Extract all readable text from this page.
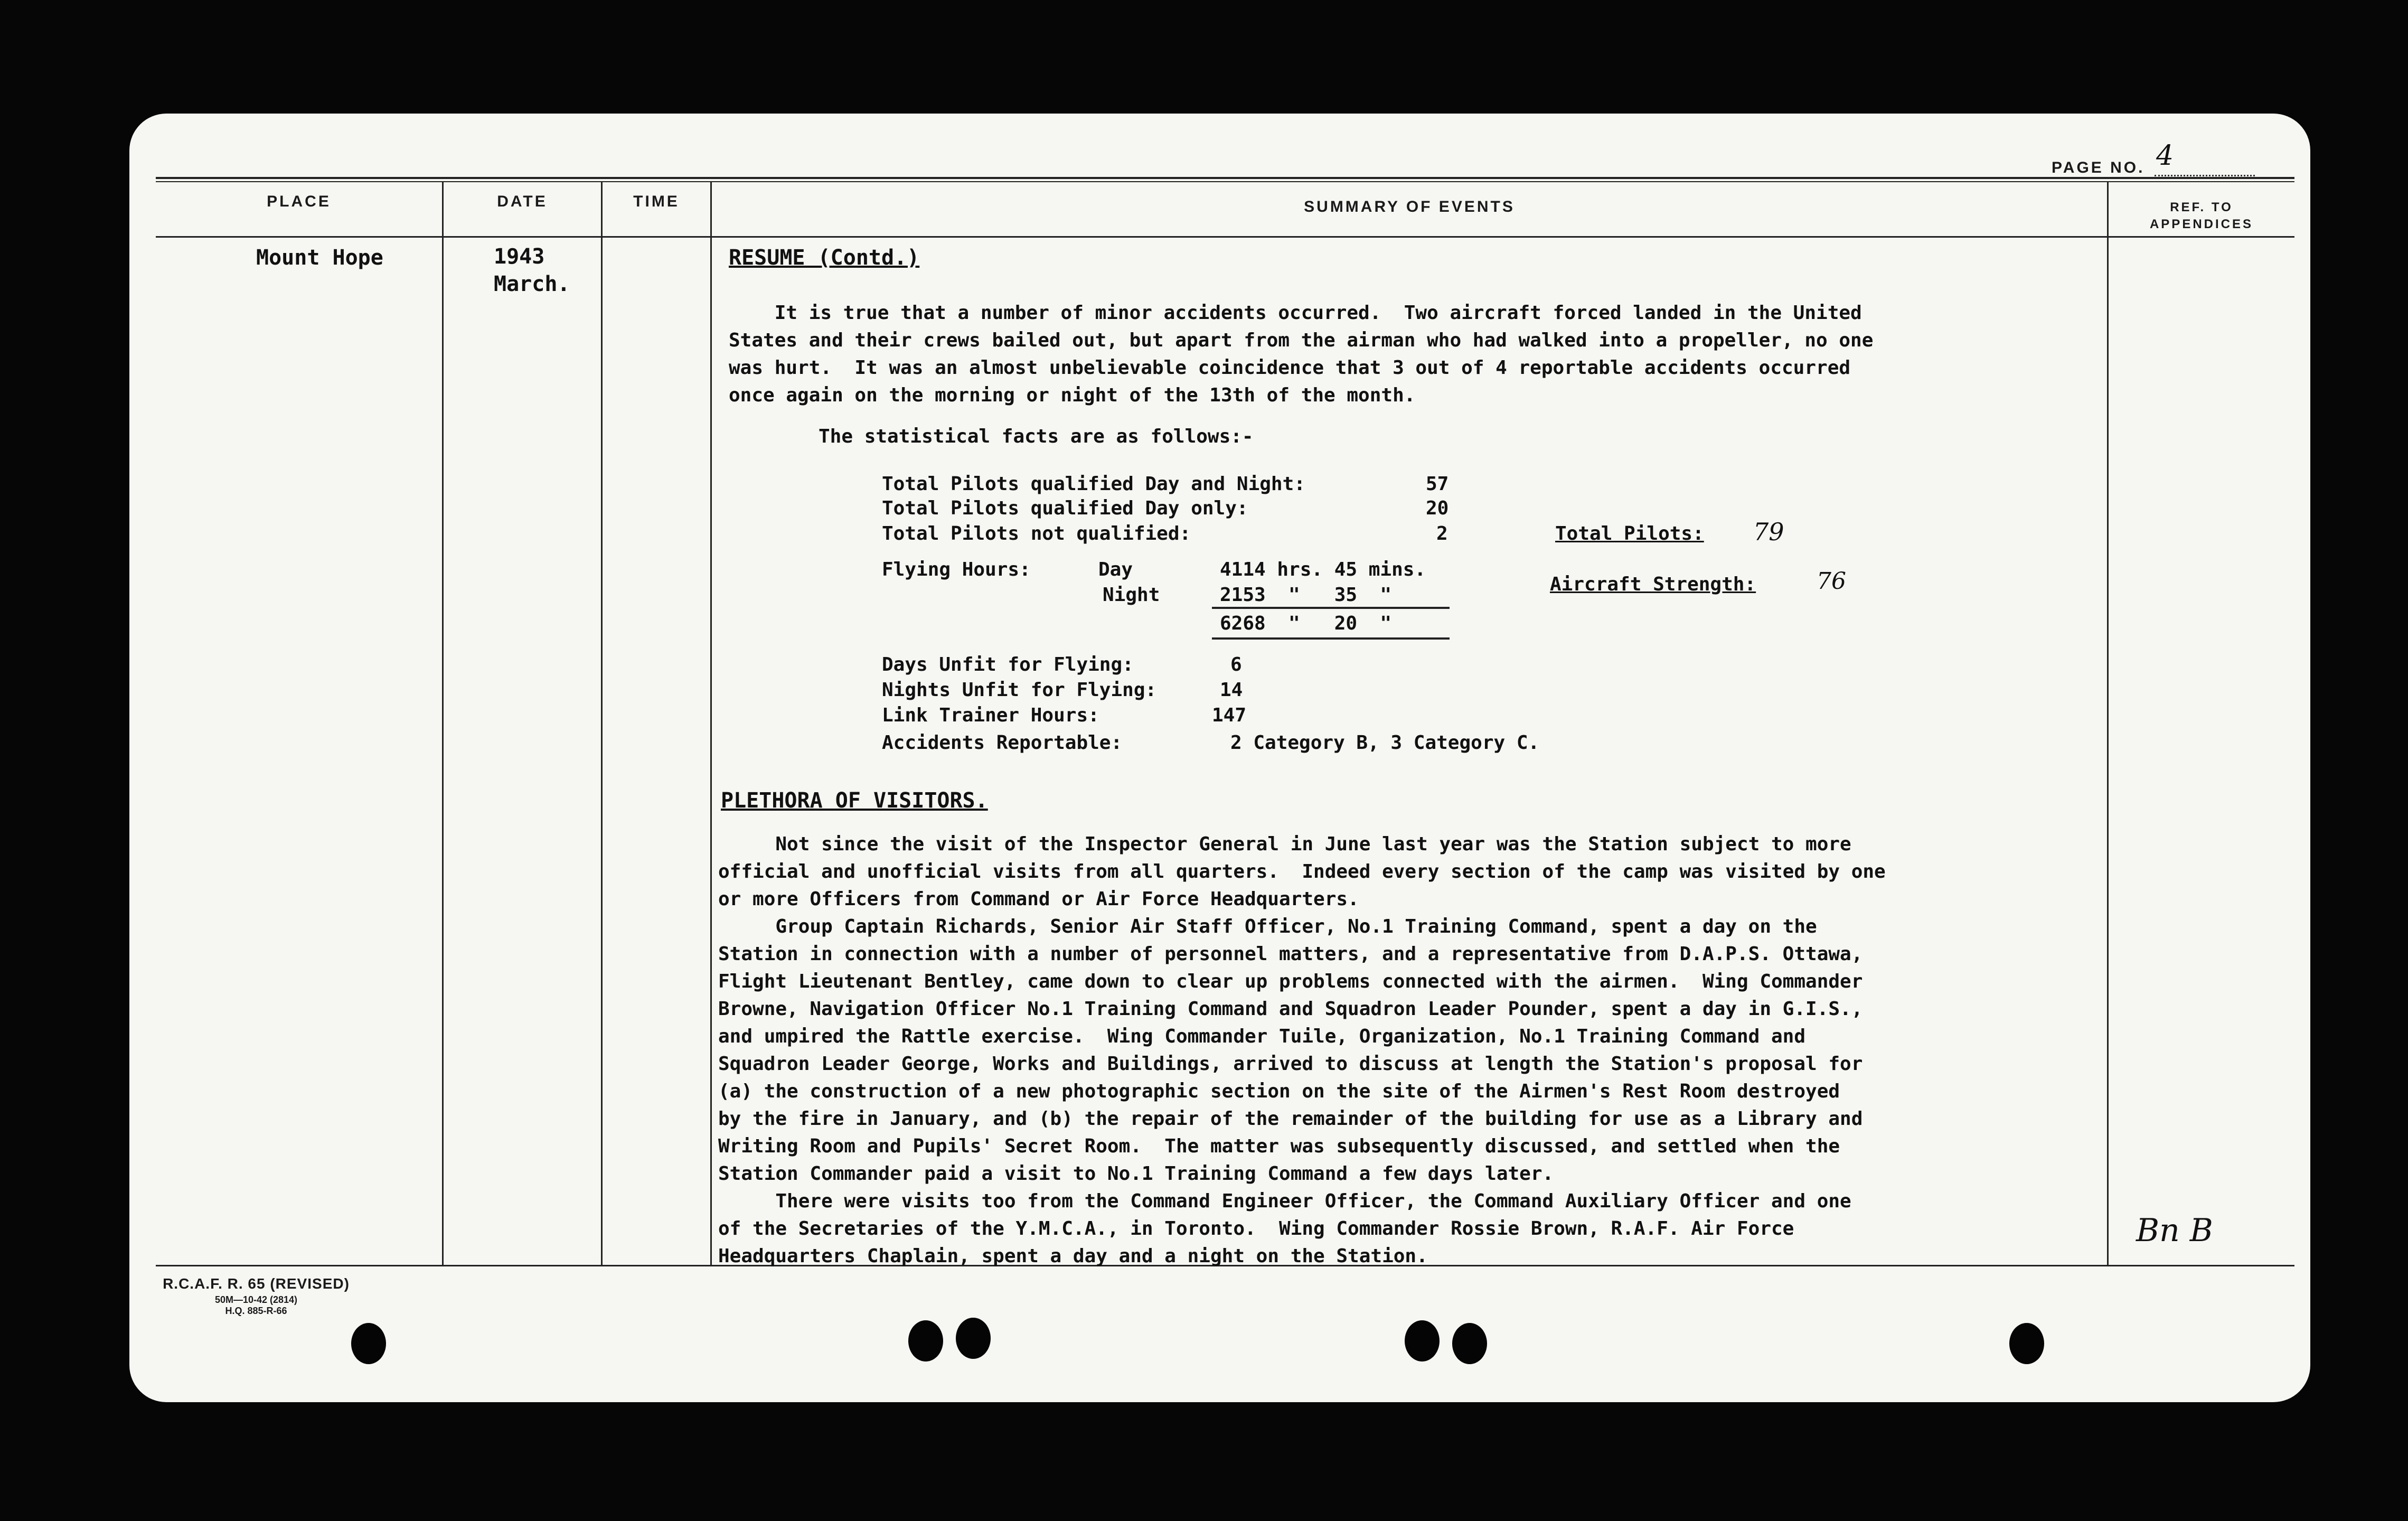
PAGE NO. 4
PLACE	DATE	TIME	SUMMARY OF EVENTS	REF. TO
APPENDICES
Mount Hope	1943
March.
RESUME (Contd.)
It is true that a number of minor accidents occurred.  Two aircraft forced landed in the United
States and their crews bailed out, but apart from the airman who had walked into a propeller, no one
was hurt.  It was an almost unbelievable coincidence that 3 out of 4 reportable accidents occurred
once again on the morning or night of the 13th of the month.
The statistical facts are as follows:-
Total Pilots qualified Day and Night:	57
Total Pilots qualified Day only:	20
Total Pilots not qualified:	2	Total Pilots: 79
Flying Hours:	Day	4114 hrs. 45 mins.
Night	2153  "   35  "
6268  "   20  "
Aircraft Strength:	76
Days Unfit for Flying:	6
Nights Unfit for Flying:	14
Link Trainer Hours:	147
Accidents Reportable:	2 Category B, 3 Category C.
PLETHORA OF VISITORS.
Not since the visit of the Inspector General in June last year was the Station subject to more
official and unofficial visits from all quarters.  Indeed every section of the camp was visited by one
or more Officers from Command or Air Force Headquarters.
Group Captain Richards, Senior Air Staff Officer, No.1 Training Command, spent a day on the
Station in connection with a number of personnel matters, and a representative from D.A.P.S. Ottawa,
Flight Lieutenant Bentley, came down to clear up problems connected with the airmen.  Wing Commander
Browne, Navigation Officer No.1 Training Command and Squadron Leader Pounder, spent a day in G.I.S.,
and umpired the Rattle exercise.  Wing Commander Tuile, Organization, No.1 Training Command and
Squadron Leader George, Works and Buildings, arrived to discuss at length the Station's proposal for
(a) the construction of a new photographic section on the site of the Airmen's Rest Room destroyed
by the fire in January, and (b) the repair of the remainder of the building for use as a Library and
Writing Room and Pupils' Secret Room.  The matter was subsequently discussed, and settled when the
Station Commander paid a visit to No.1 Training Command a few days later.
There were visits too from the Command Engineer Officer, the Command Auxiliary Officer and one
of the Secretaries of the Y.M.C.A., in Toronto.  Wing Commander Rossie Brown, R.A.F. Air Force
Headquarters Chaplain, spent a day and a night on the Station.
Bn B
R.C.A.F. R. 65 (REVISED)
50M—10-42 (2814)
H.Q. 885-R-66
